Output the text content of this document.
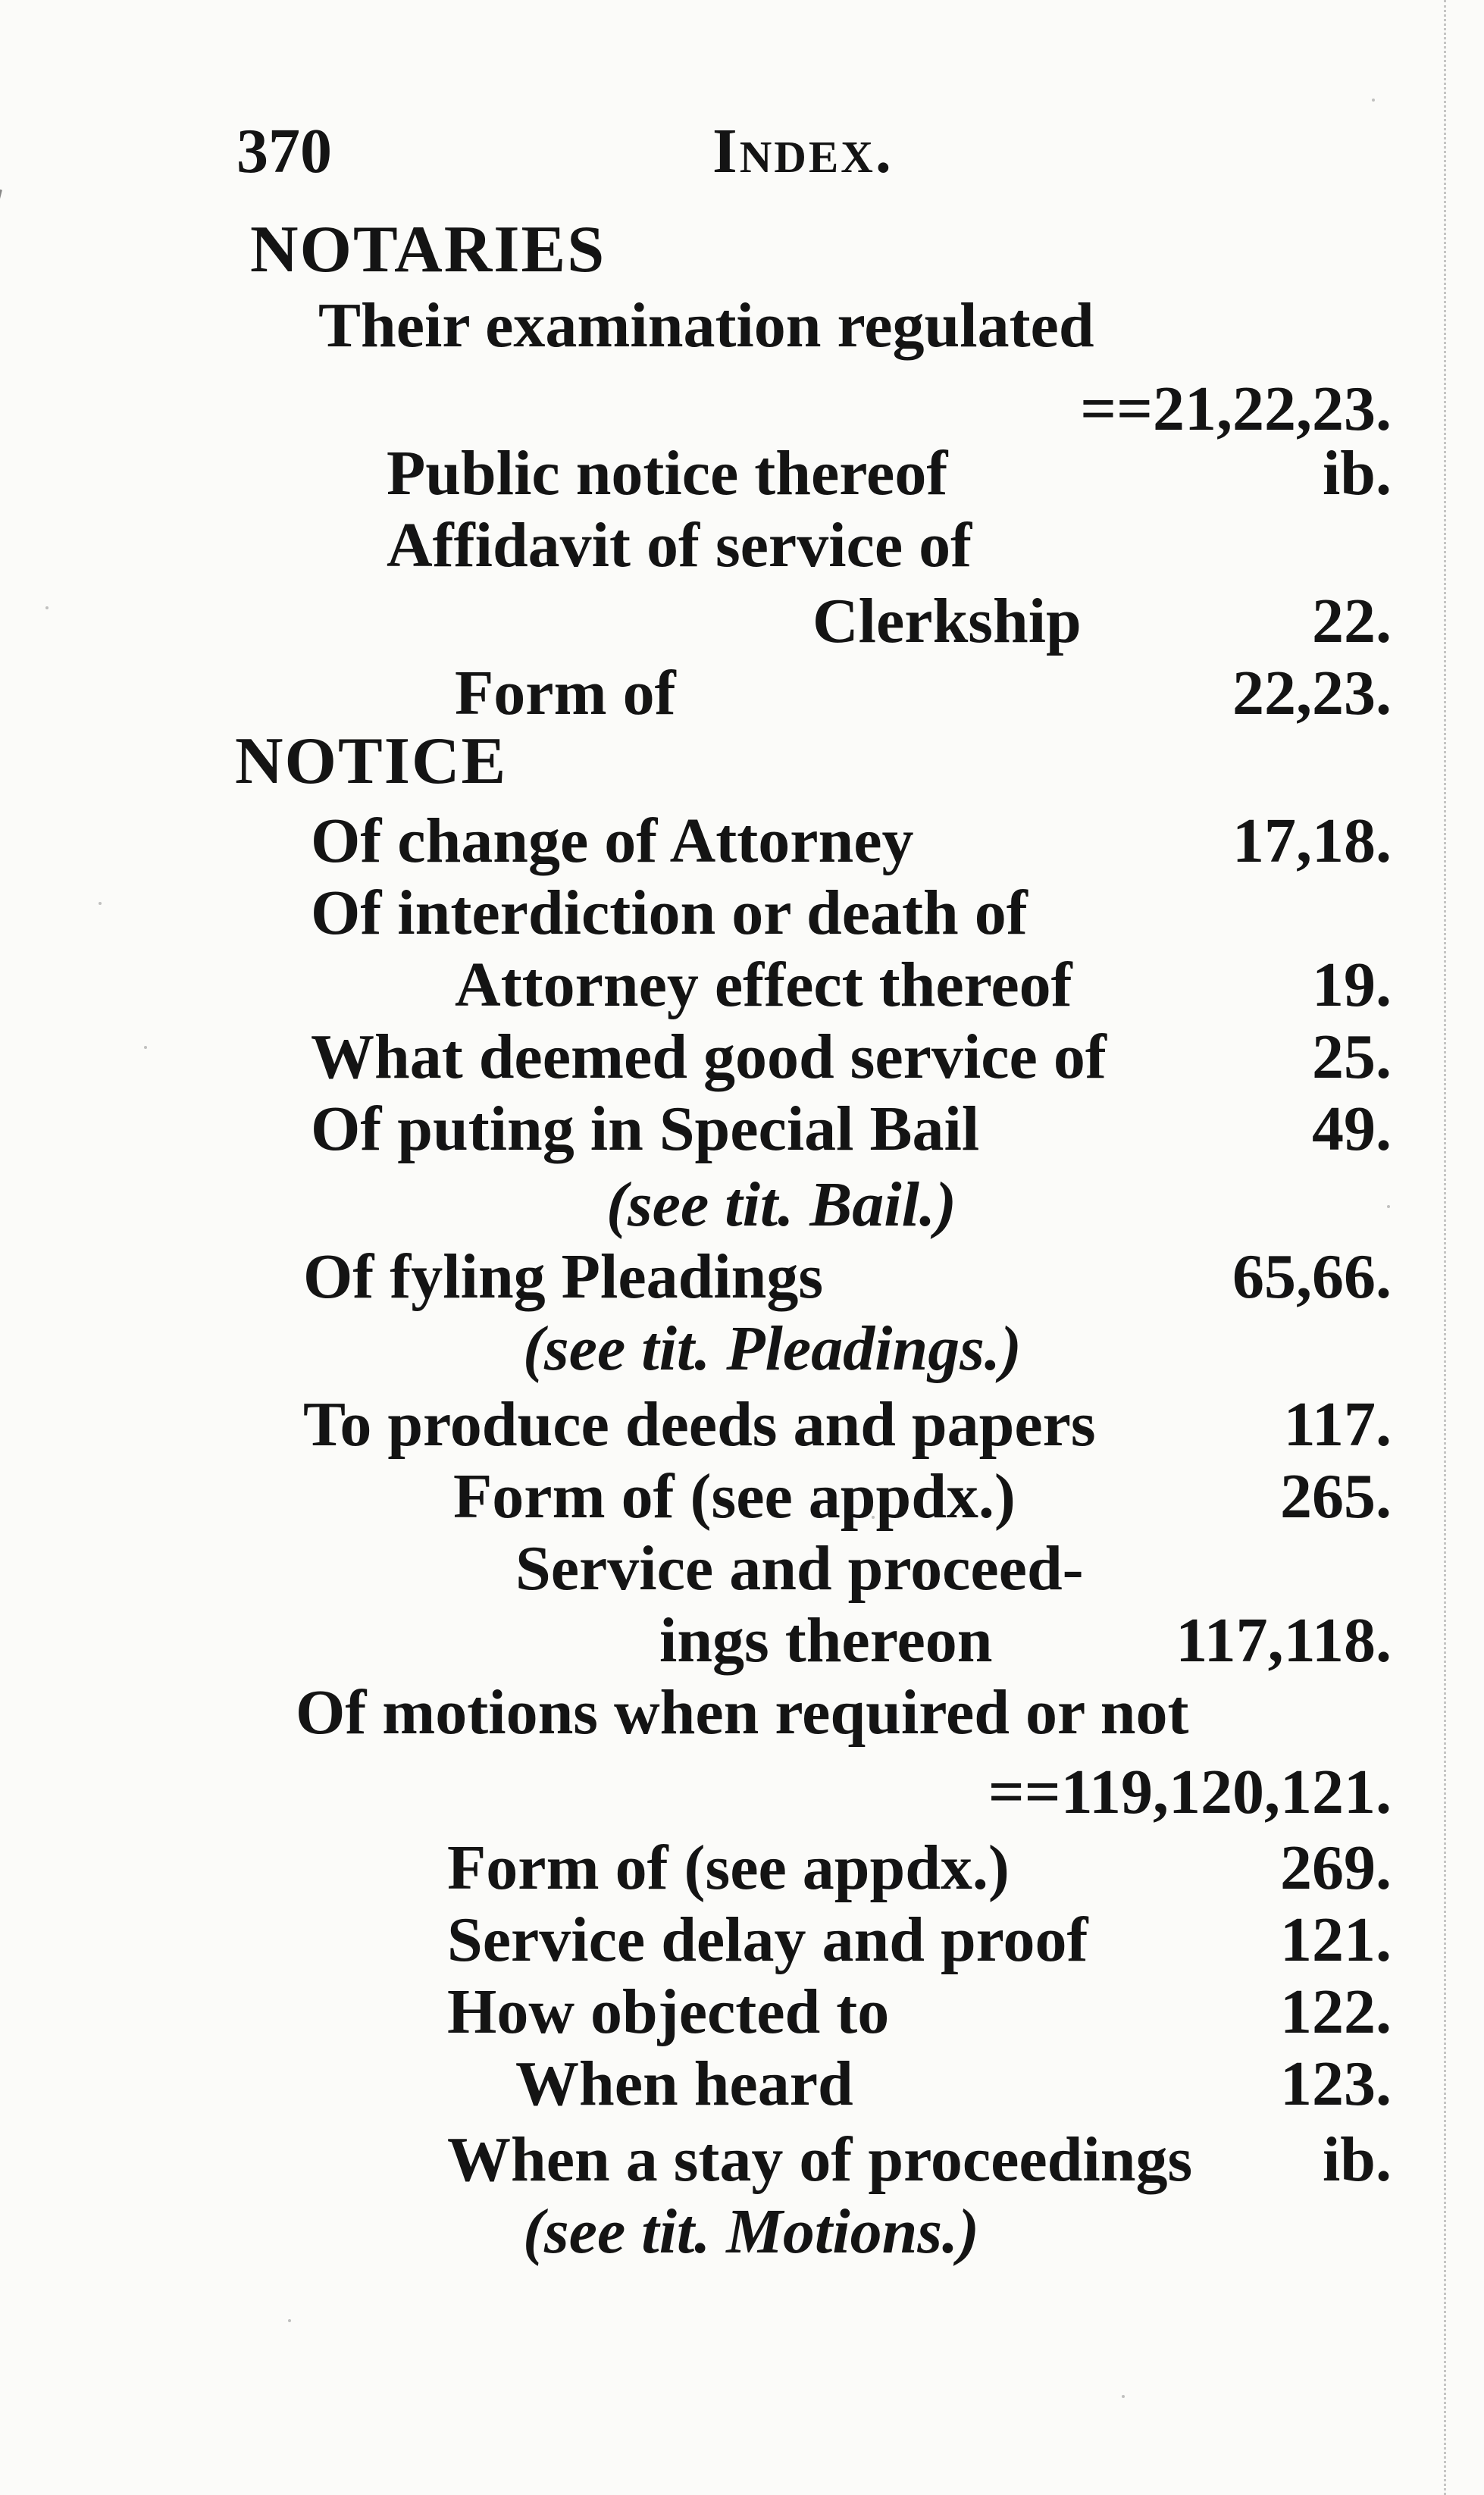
370	Index.
NOTARIES
Their examination regulated
==21,22,23.
Public notice thereof	ib.
Affidavit of service of
Clerkship	22.
Form of	22,23.
NOTICE
Of change of Attorney	17,18.
Of interdiction or death of
Attorney effect thereof	19.
What deemed good service of	25.
Of puting in Special Bail	49.
(see tit. Bail.)
Of fyling Pleadings	65,66.
(see tit. Pleadings.)
To produce deeds and papers	117.
Form of (see appdx.)	265.
Service and proceed-
ings thereon	117,118.
Of motions when required or not
==119,120,121.
Form of (see appdx.)	269.
Service delay and proof	121.
How objected to	122.
When heard	123.
When a stay of proceedings ib.
(see tit. Motions.)
